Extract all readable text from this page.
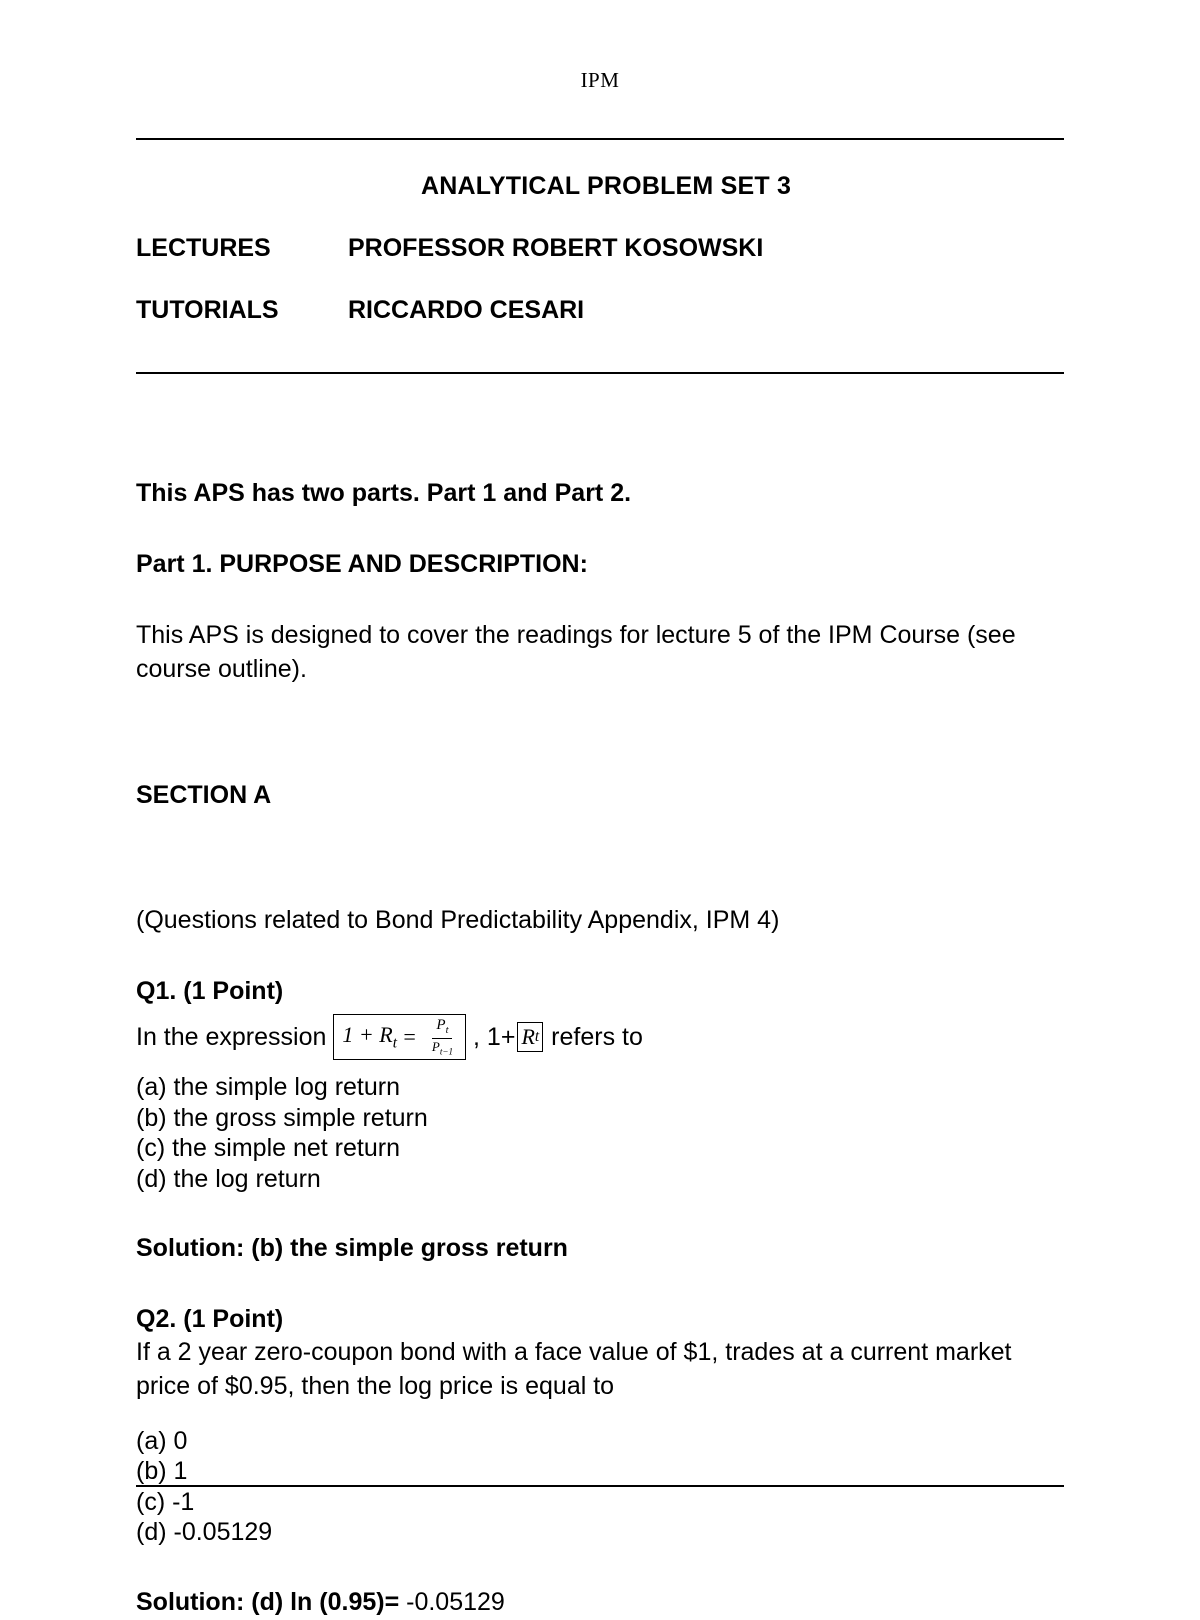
IPM

ANALYTICAL PROBLEM SET 3

LECTURES	PROFESSOR ROBERT KOSOWSKI
TUTORIALS	RICCARDO CESARI

This APS has two parts. Part 1 and Part 2.

Part 1. PURPOSE AND DESCRIPTION:

This APS is designed to cover the readings for lecture 5 of the IPM Course (see course outline).

SECTION A

(Questions related to Bond Predictability Appendix, IPM 4)

Q1. (1 Point)

In the expression $1 + R_t = \frac{P_t}{P_{t-1}}$ , 1+ R t refers to

(a) the simple log return

(b) the gross simple return

(c) the simple net return

(d) the log return

Solution: (b) the simple gross return

Q2. (1 Point)

If a 2 year zero-coupon bond with a face value of $1, trades at a current market price of $0.95, then the log price is equal to

(a) 0

(b) 1

(c) -1

(d) -0.05129

Solution: (d) ln (0.95)= -0.05129
